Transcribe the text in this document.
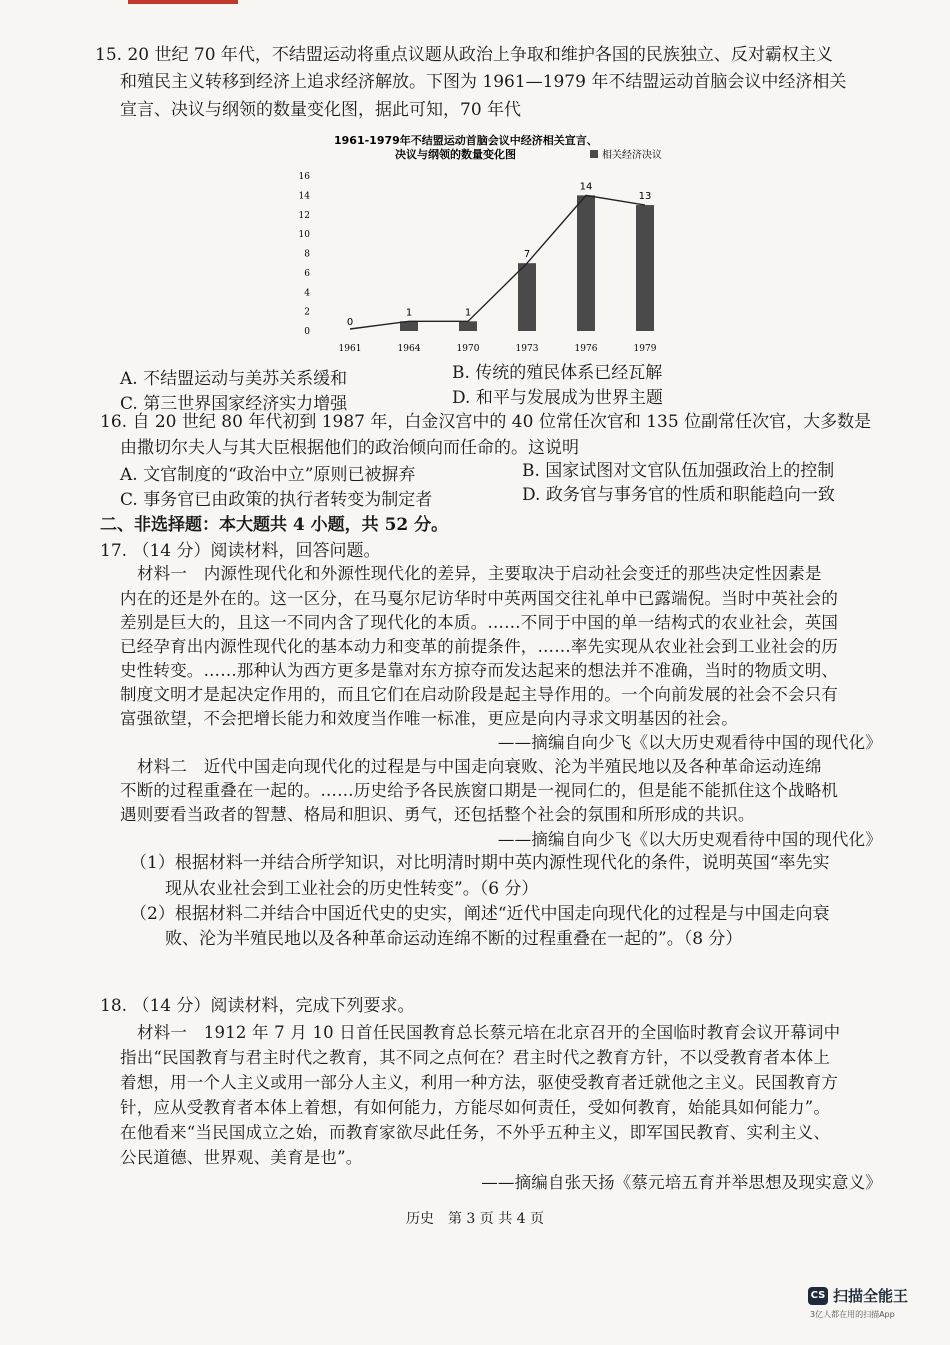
15. 20 世纪 70 年代，不结盟运动将重点议题从政治上争取和维护各国的民族独立、反对霸权主义
和殖民主义转移到经济上追求经济解放。下图为 1961—1979 年不结盟运动首脑会议中经济相关
宣言、决议与纲领的数量变化图，据此可知，70 年代
1961-1979年不结盟运动首脑会议中经济相关宣言、
决议与纲领的数量变化图	相关经济决议
0
2
4
6
8
10
12
14
16
1961	1964	1970	1973	1976	1979
0
1	1
7
14
13
A. 不结盟运动与美苏关系缓和	B. 传统的殖民体系已经瓦解
C. 第三世界国家经济实力增强	D. 和平与发展成为世界主题
16. 自 20 世纪 80 年代初到 1987 年，白金汉宫中的 40 位常任次官和 135 位副常任次官，大多数是
由撒切尔夫人与其大臣根据他们的政治倾向而任命的。这说明
A. 文官制度的“政治中立”原则已被摒弃	B. 国家试图对文官队伍加强政治上的控制
C. 事务官已由政策的执行者转变为制定者	D. 政务官与事务官的性质和职能趋向一致
二、非选择题：本大题共 4 小题，共 52 分。
17. （14 分）阅读材料，回答问题。
材料一　内源性现代化和外源性现代化的差异，主要取决于启动社会变迁的那些决定性因素是
内在的还是外在的。这一区分，在马戛尔尼访华时中英两国交往礼单中已露端倪。当时中英社会的
差别是巨大的，且这一不同内含了现代化的本质。……不同于中国的单一结构式的农业社会，英国
已经孕育出内源性现代化的基本动力和变革的前提条件，……率先实现从农业社会到工业社会的历
史性转变。……那种认为西方更多是靠对东方掠夺而发达起来的想法并不准确，当时的物质文明、
制度文明才是起决定作用的，而且它们在启动阶段是起主导作用的。一个向前发展的社会不会只有
富强欲望，不会把增长能力和效度当作唯一标准，更应是向内寻求文明基因的社会。
——摘编自向少飞《以大历史观看待中国的现代化》
材料二　近代中国走向现代化的过程是与中国走向衰败、沦为半殖民地以及各种革命运动连绵
不断的过程重叠在一起的。……历史给予各民族窗口期是一视同仁的，但是能不能抓住这个战略机
遇则要看当政者的智慧、格局和胆识、勇气，还包括整个社会的氛围和所形成的共识。
——摘编自向少飞《以大历史观看待中国的现代化》
（1）根据材料一并结合所学知识，对比明清时期中英内源性现代化的条件，说明英国“率先实
现从农业社会到工业社会的历史性转变”。（6 分）
（2）根据材料二并结合中国近代史的史实，阐述“近代中国走向现代化的过程是与中国走向衰
败、沦为半殖民地以及各种革命运动连绵不断的过程重叠在一起的”。（8 分）
18. （14 分）阅读材料，完成下列要求。
材料一　1912 年 7 月 10 日首任民国教育总长蔡元培在北京召开的全国临时教育会议开幕词中
指出“民国教育与君主时代之教育，其不同之点何在？君主时代之教育方针，不以受教育者本体上
着想，用一个人主义或用一部分人主义，利用一种方法，驱使受教育者迁就他之主义。民国教育方
针，应从受教育者本体上着想，有如何能力，方能尽如何责任，受如何教育，始能具如何能力”。
在他看来“当民国成立之始，而教育家欲尽此任务，不外乎五种主义，即军国民教育、实利主义、
公民道德、世界观、美育是也”。
——摘编自张天扬《蔡元培五育并举思想及现实意义》
历史　第 3 页 共 4 页
CS 扫描全能王
3亿人都在用的扫描App
